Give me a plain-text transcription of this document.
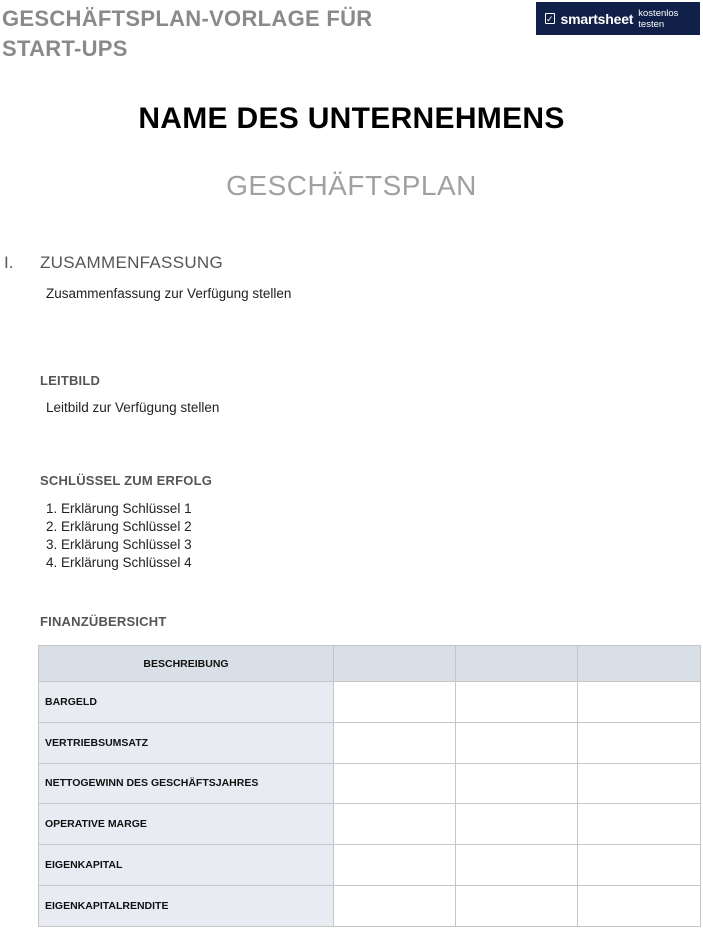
GESCHÄFTSPLAN-VORLAGE FÜR START-UPS
✓ smartsheet kostenlos testen
NAME DES UNTERNEHMENS
GESCHÄFTSPLAN
I. ZUSAMMENFASSUNG
Zusammenfassung zur Verfügung stellen
LEITBILD
Leitbild zur Verfügung stellen
SCHLÜSSEL ZUM ERFOLG
1. Erklärung Schlüssel 1
2. Erklärung Schlüssel 2
3. Erklärung Schlüssel 3
4. Erklärung Schlüssel 4
FINANZÜBERSICHT
BESCHREIBUNG			
BARGELD			
VERTRIEBSUMSATZ			
NETTOGEWINN DES GESCHÄFTSJAHRES			
OPERATIVE MARGE			
EIGENKAPITAL			
EIGENKAPITALRENDITE			
